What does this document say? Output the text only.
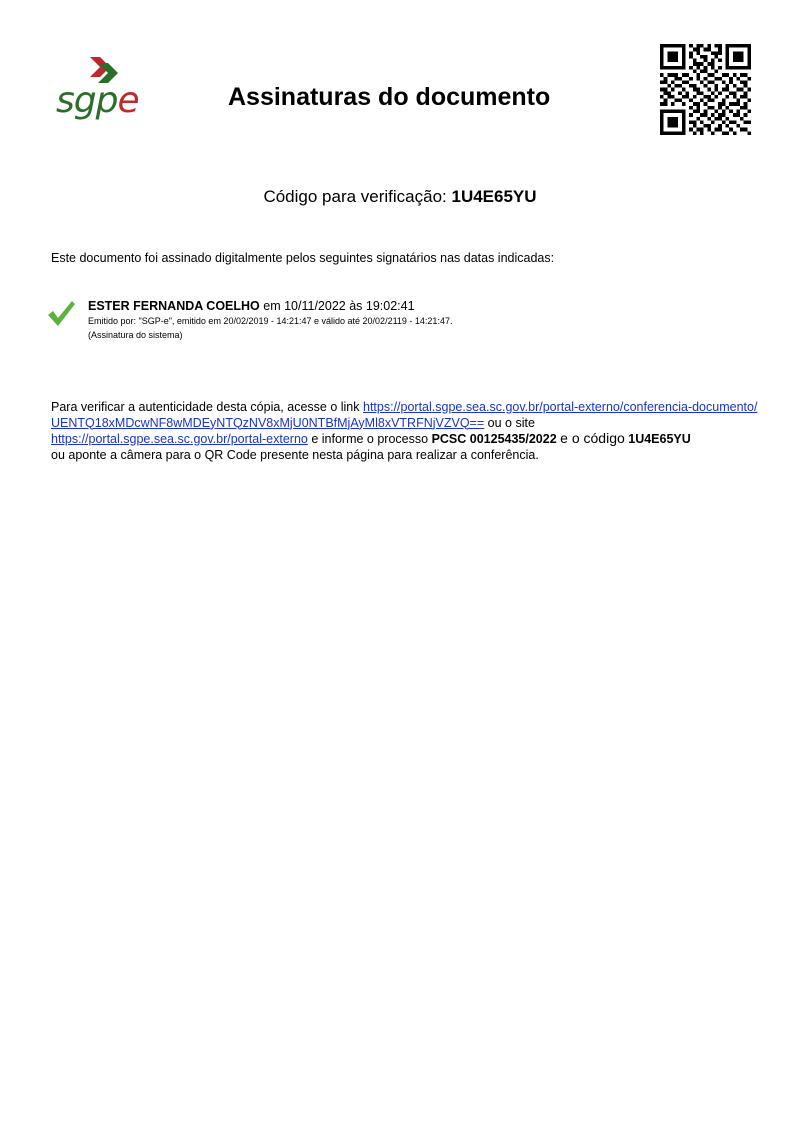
sgpe	Assinaturas do documento
Código para verificação: 1U4E65YU
Este documento foi assinado digitalmente pelos seguintes signatários nas datas indicadas:
ESTER FERNANDA COELHO em 10/11/2022 às 19:02:41
Emitido por: "SGP-e", emitido em 20/02/2019 - 14:21:47 e válido até 20/02/2119 - 14:21:47.
(Assinatura do sistema)
Para verificar a autenticidade desta cópia, acesse o link https://portal.sgpe.sea.sc.gov.br/portal-externo/conferencia-documento/UENTQ18xMDcwNF8wMDEyNTQzNV8xMjU0NTBfMjAyMl8xVTRFNjVZVQ== ou o site
https://portal.sgpe.sea.sc.gov.br/portal-externo e informe o processo PCSC 00125435/2022 e o código 1U4E65YU
ou aponte a câmera para o QR Code presente nesta página para realizar a conferência.
